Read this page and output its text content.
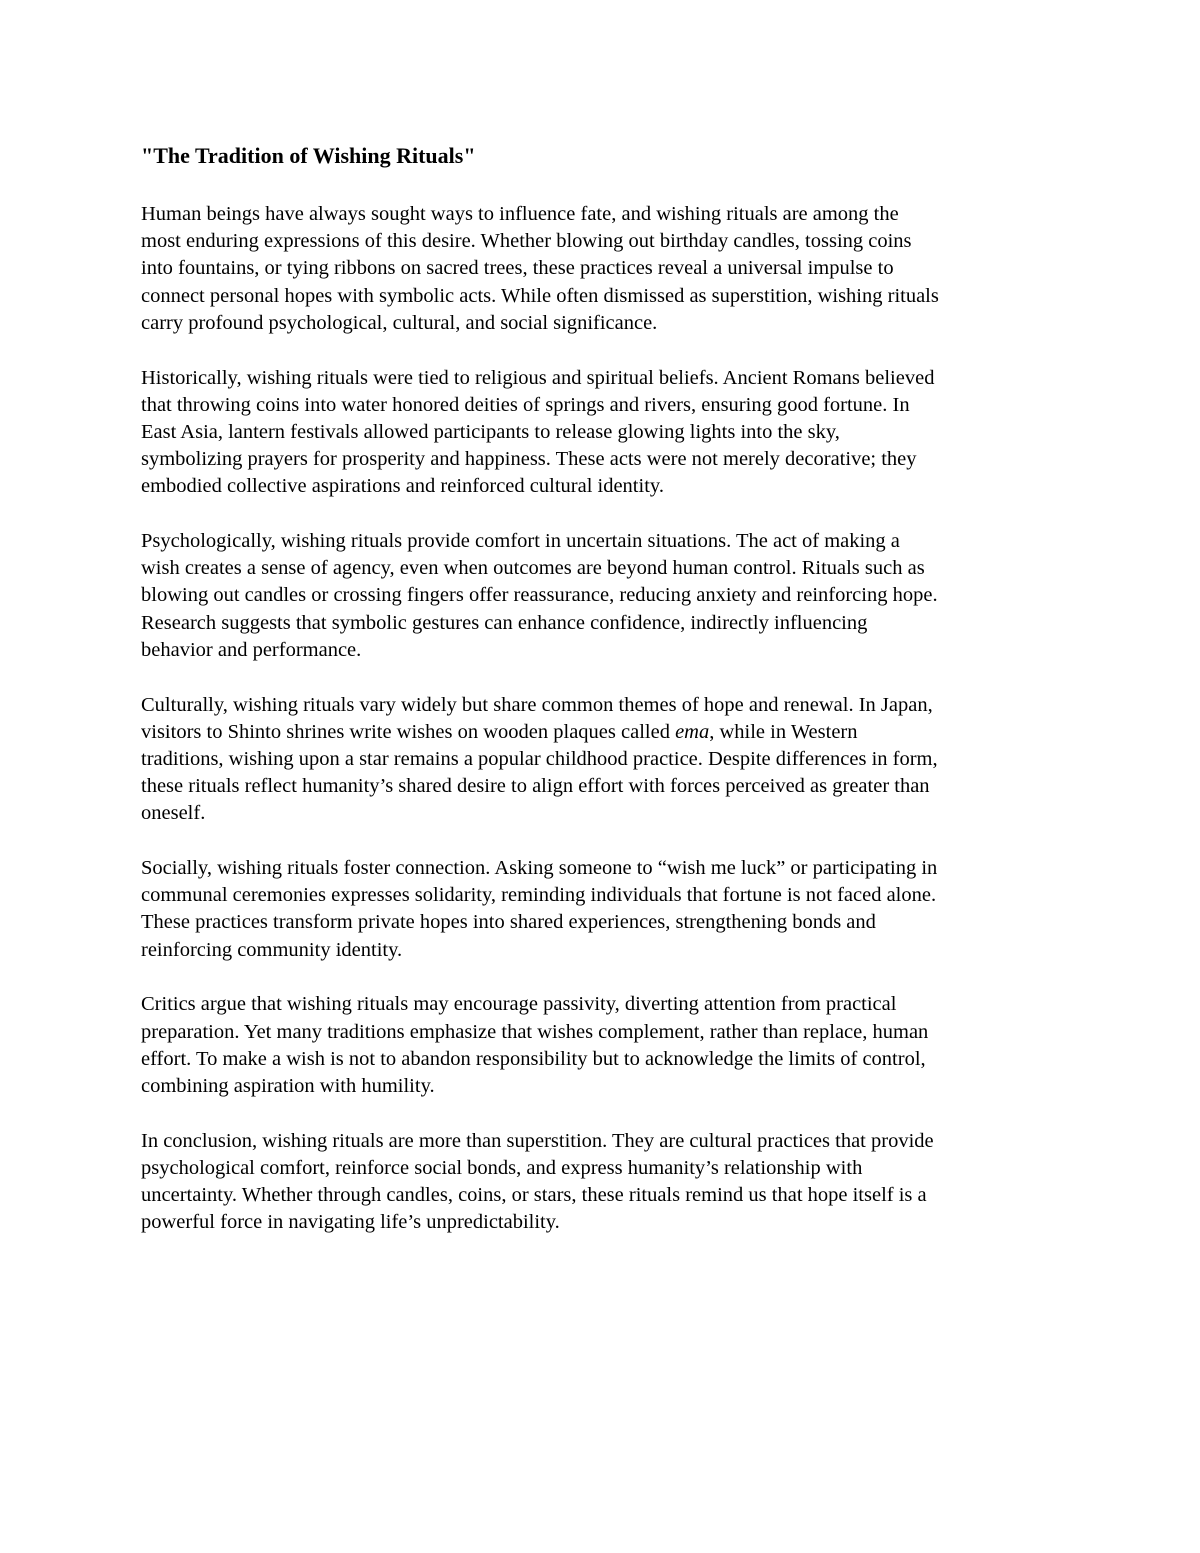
"The Tradition of Wishing Rituals"

Human beings have always sought ways to influence fate, and wishing rituals are among the
most enduring expressions of this desire. Whether blowing out birthday candles, tossing coins
into fountains, or tying ribbons on sacred trees, these practices reveal a universal impulse to
connect personal hopes with symbolic acts. While often dismissed as superstition, wishing rituals
carry profound psychological, cultural, and social significance.

Historically, wishing rituals were tied to religious and spiritual beliefs. Ancient Romans believed
that throwing coins into water honored deities of springs and rivers, ensuring good fortune. In
East Asia, lantern festivals allowed participants to release glowing lights into the sky,
symbolizing prayers for prosperity and happiness. These acts were not merely decorative; they
embodied collective aspirations and reinforced cultural identity.

Psychologically, wishing rituals provide comfort in uncertain situations. The act of making a
wish creates a sense of agency, even when outcomes are beyond human control. Rituals such as
blowing out candles or crossing fingers offer reassurance, reducing anxiety and reinforcing hope.
Research suggests that symbolic gestures can enhance confidence, indirectly influencing
behavior and performance.

Culturally, wishing rituals vary widely but share common themes of hope and renewal. In Japan,
visitors to Shinto shrines write wishes on wooden plaques called ema, while in Western
traditions, wishing upon a star remains a popular childhood practice. Despite differences in form,
these rituals reflect humanity’s shared desire to align effort with forces perceived as greater than
oneself.

Socially, wishing rituals foster connection. Asking someone to “wish me luck” or participating in
communal ceremonies expresses solidarity, reminding individuals that fortune is not faced alone.
These practices transform private hopes into shared experiences, strengthening bonds and
reinforcing community identity.

Critics argue that wishing rituals may encourage passivity, diverting attention from practical
preparation. Yet many traditions emphasize that wishes complement, rather than replace, human
effort. To make a wish is not to abandon responsibility but to acknowledge the limits of control,
combining aspiration with humility.

In conclusion, wishing rituals are more than superstition. They are cultural practices that provide
psychological comfort, reinforce social bonds, and express humanity’s relationship with
uncertainty. Whether through candles, coins, or stars, these rituals remind us that hope itself is a
powerful force in navigating life’s unpredictability.
